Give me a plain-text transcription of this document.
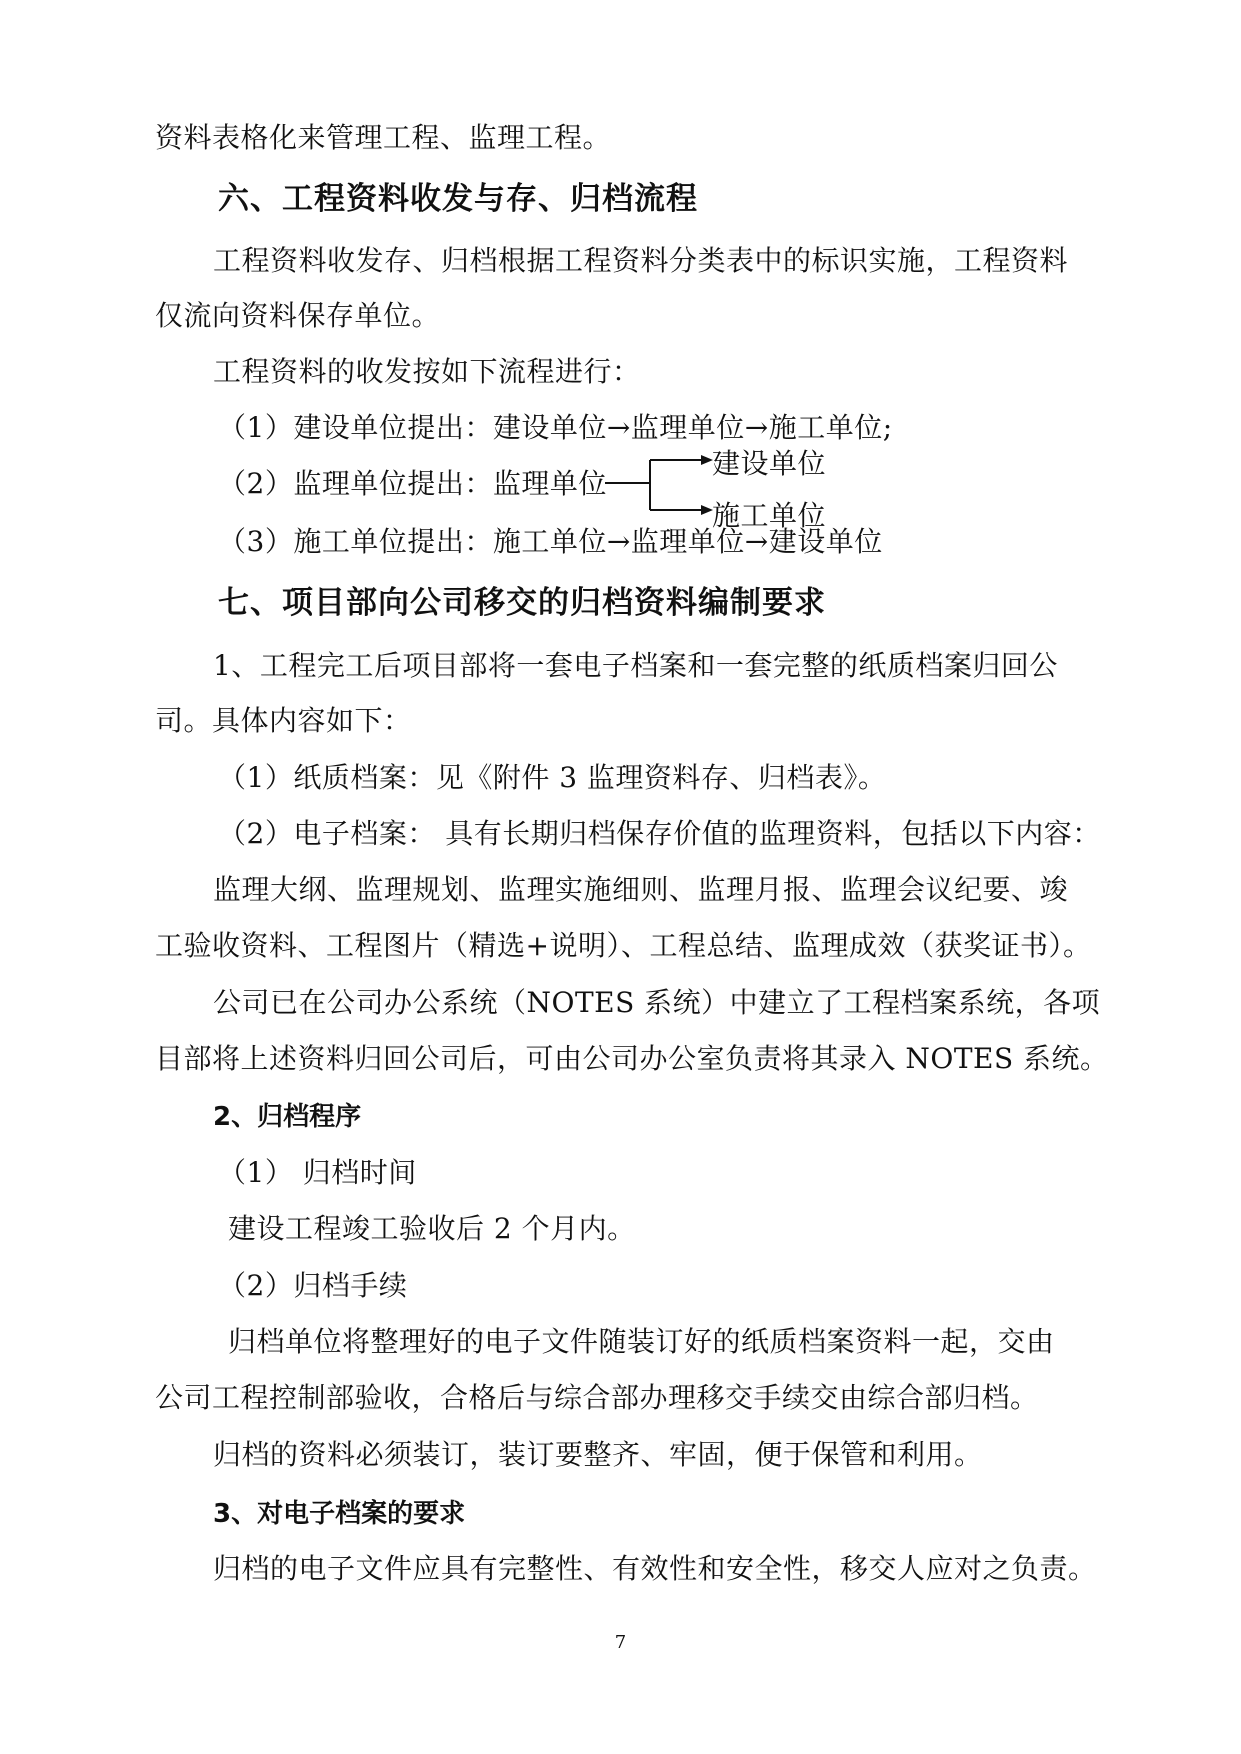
资料表格化来管理工程、监理工程。
六、工程资料收发与存、归档流程
工程资料收发存、归档根据工程资料分类表中的标识实施，工程资料
仅流向资料保存单位。
工程资料的收发按如下流程进行：
（1）建设单位提出：建设单位→监理单位→施工单位;
（2）监理单位提出：监理单位
建设单位
施工单位
（3）施工单位提出：施工单位→监理单位→建设单位
七、项目部向公司移交的归档资料编制要求
1、工程完工后项目部将一套电子档案和一套完整的纸质档案归回公
司。具体内容如下：
（1）纸质档案：见《附件 3 监理资料存、归档表》。
（2）电子档案： 具有长期归档保存价值的监理资料，包括以下内容：
监理大纲、监理规划、监理实施细则、监理月报、监理会议纪要、竣
工验收资料、工程图片（精选+说明）、工程总结、监理成效（获奖证书）。
公司已在公司办公系统（NOTES 系统）中建立了工程档案系统，各项
目部将上述资料归回公司后，可由公司办公室负责将其录入 NOTES 系统。
2、归档程序
（1） 归档时间
建设工程竣工验收后 2 个月内。
（2）归档手续
归档单位将整理好的电子文件随装订好的纸质档案资料一起，交由
公司工程控制部验收，合格后与综合部办理移交手续交由综合部归档。
归档的资料必须装订，装订要整齐、牢固，便于保管和利用。
3、对电子档案的要求
归档的电子文件应具有完整性、有效性和安全性，移交人应对之负责。
7
